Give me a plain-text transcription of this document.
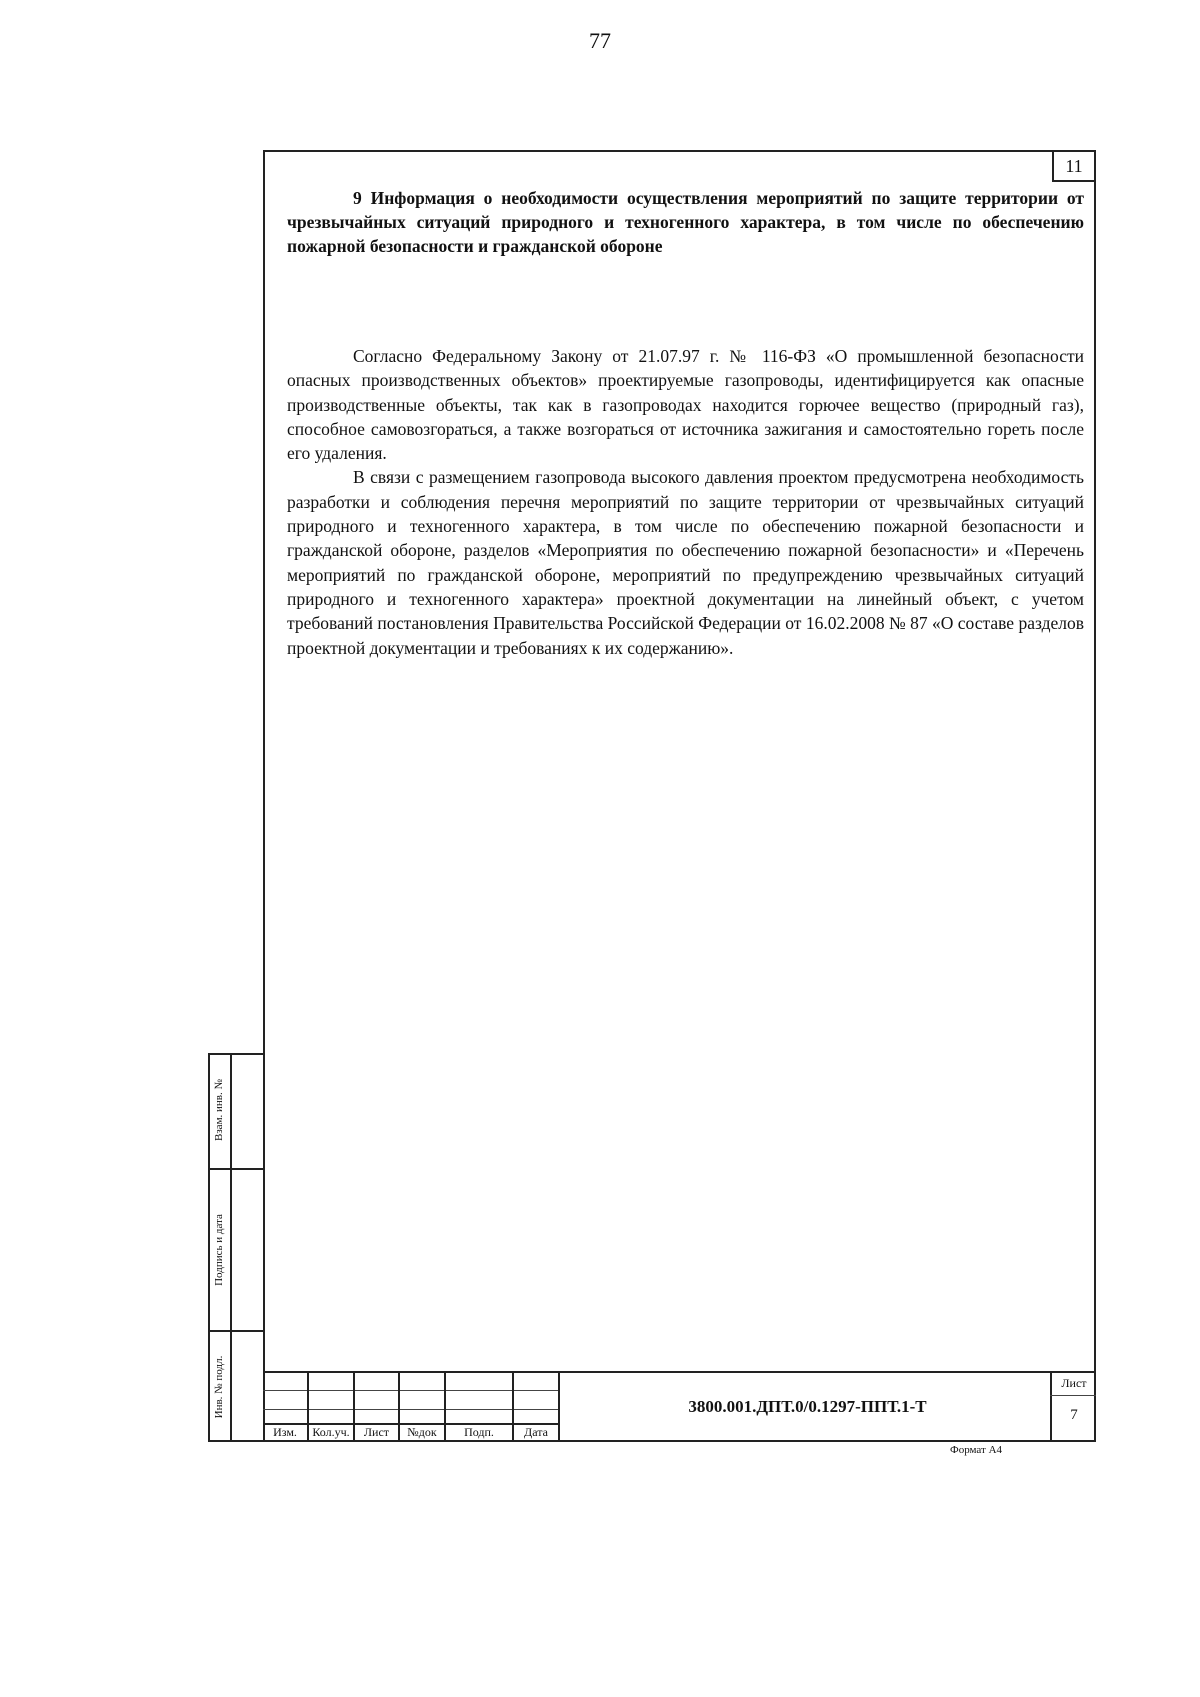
77
11

9 Информация о необходимости осуществления мероприятий по защите территории от чрезвычайных ситуаций природного и техногенного характера, в том числе по обеспечению пожарной безопасности и гражданской обороне

Согласно Федеральному Закону от 21.07.97 г. № 116-ФЗ «О промышленной безопасности опасных производственных объектов» проектируемые газопроводы, идентифицируется как опасные производственные объекты, так как в газопроводах находится горючее вещество (природный газ), способное самовозгораться, а также возгораться от источника зажигания и самостоятельно гореть после его удаления.

В связи с размещением газопровода высокого давления проектом предусмотрена необходимость разработки и соблюдения перечня мероприятий по защите территории от чрезвычайных ситуаций природного и техногенного характера, в том числе по обеспечению пожарной безопасности и гражданской обороне, разделов «Мероприятия по обеспечению пожарной безопасности» и «Перечень мероприятий по гражданской обороне, мероприятий по предупреждению чрезвычайных ситуаций природного и техногенного характера» проектной документации на линейный объект, с учетом требований постановления Правительства Российской Федерации от 16.02.2008 № 87 «О составе разделов проектной документации и требованиях к их содержанию».

Взам. инв. №
Подпись и дата
Инв. № подл.
Изм.	Кол.уч.	Лист	№док	Подп.	Дата
3800.001.ДПТ.0/0.1297-ППТ.1-Т
Лист
7
Формат А4
